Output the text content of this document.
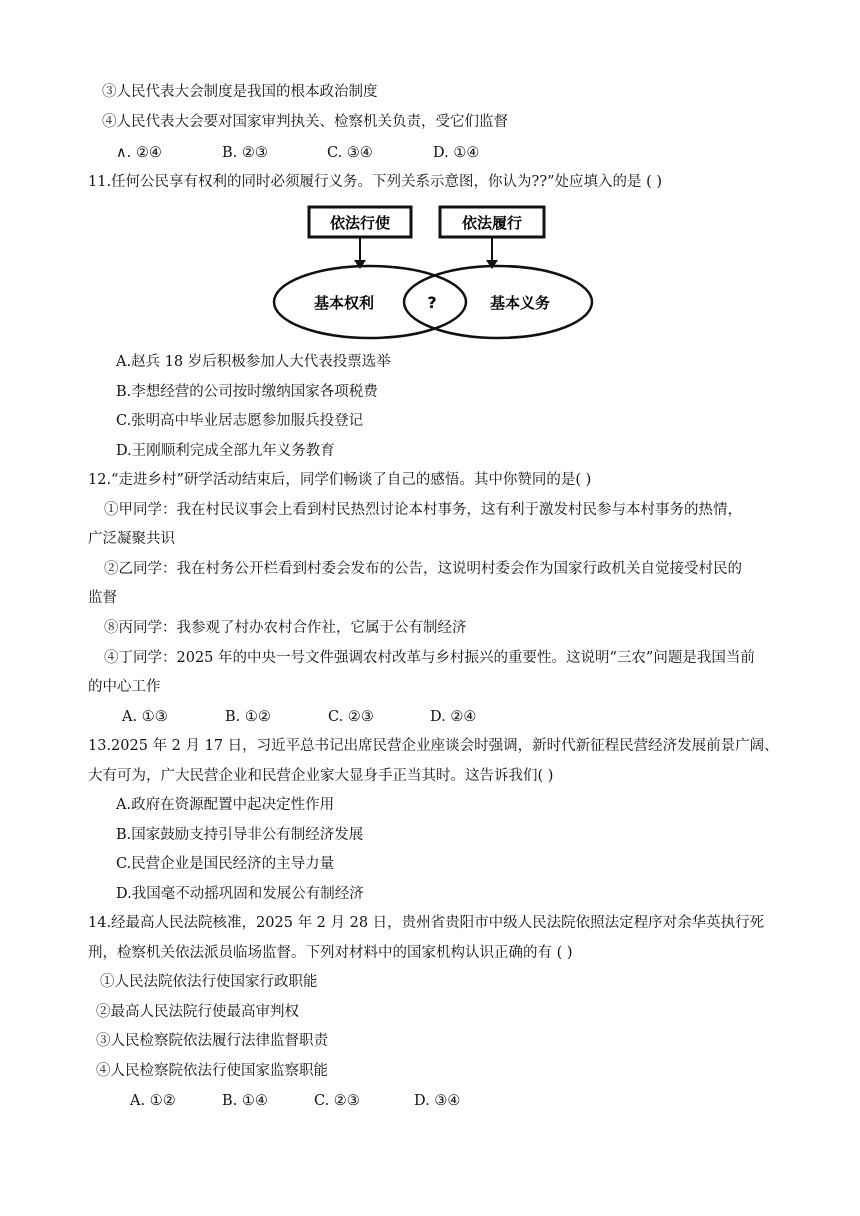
③人民代表大会制度是我国的根本政治制度
④人民代表大会要对国家审判执关、检察机关负责，受它们监督
∧. ②④	B. ②③	C. ③④	D. ①④
11.任何公民享有权利的同时必须履行义务。下列关系示意图，你认为??”处应填入的是 ( )
依法行使	依法履行
基本权利	?	基本义务
A.赵兵 18 岁后积极参加人大代表投票选举
B.李想经营的公司按时缴纳国家各项税费
C.张明高中毕业居志愿参加服兵投登记
D.王刚顺利完成全部九年义务教育
12.“走进乡村”研学活动结束后，同学们畅谈了自己的感悟。其中你赞同的是( )
①甲同学：我在村民议事会上看到村民热烈讨论本村事务，这有利于激发村民参与本村事务的热情，
广泛凝聚共识
②乙同学：我在村务公开栏看到村委会发布的公告，这说明村委会作为国家行政机关自觉接受村民的
监督
⑧丙同学：我参观了村办农村合作社，它属于公有制经济
④丁同学：2025 年的中央一号文件强调农村改革与乡村振兴的重要性。这说明“三农”问题是我国当前
的中心工作
A. ①③	B. ①②	C. ②③	D. ②④
13.2025 年 2 月 17 日，习近平总书记出席民营企业座谈会时强调，新时代新征程民营经济发展前景广阔、
大有可为，广大民营企业和民营企业家大显身手正当其时。这告诉我们( )
A.政府在资源配置中起决定性作用
B.国家鼓励支持引导非公有制经济发展
C.民营企业是国民经济的主导力量
D.我国毫不动摇巩固和发展公有制经济
14.经最高人民法院核准，2025 年 2 月 28 日，贵州省贵阳市中级人民法院依照法定程序对余华英执行死
刑，检察机关依法派员临场监督。下列对材料中的国家机构认识正确的有 ( )
①人民法院依法行使国家行政职能
②最高人民法院行使最高审判权
③人民检察院依法履行法律监督职责
④人民检察院依法行使国家监察职能
A. ①②	B. ①④	C. ②③	D. ③④
